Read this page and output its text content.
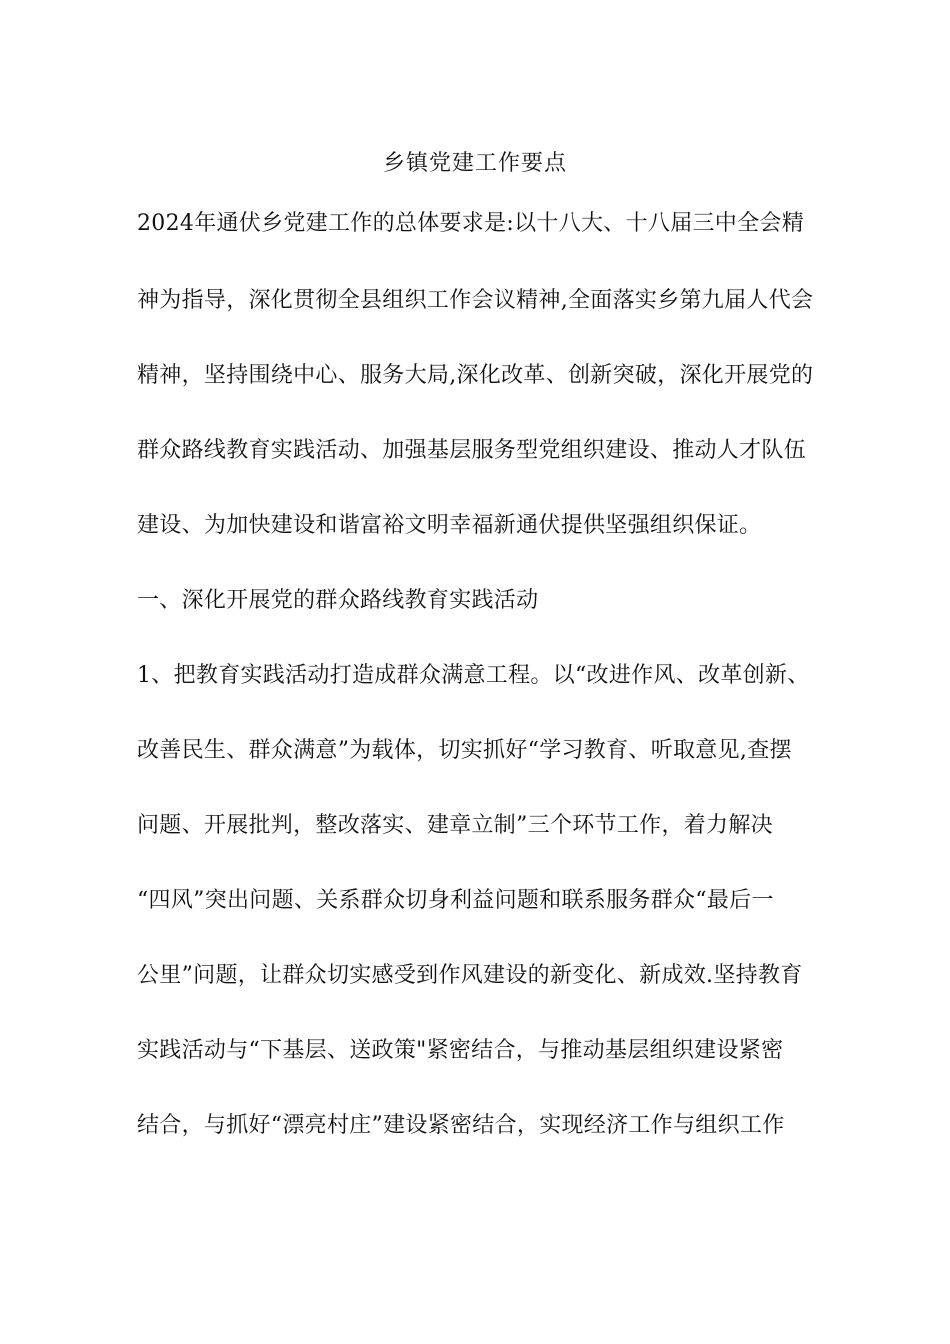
乡镇党建工作要点
2024年通伏乡党建工作的总体要求是:以十八大、十八届三中全会精
神为指导，深化贯彻全县组织工作会议精神,全面落实乡第九届人代会
精神，坚持围绕中心、服务大局,深化改革、创新突破，深化开展党的
群众路线教育实践活动、加强基层服务型党组织建设、推动人才队伍
建设、为加快建设和谐富裕文明幸福新通伏提供坚强组织保证。
一、深化开展党的群众路线教育实践活动
1、把教育实践活动打造成群众满意工程。以“改进作风、改革创新、
改善民生、群众满意”为载体，切实抓好“学习教育、听取意见,查摆
问题、开展批判，整改落实、建章立制”三个环节工作，着力解决
“四风”突出问题、关系群众切身利益问题和联系服务群众“最后一
公里”问题，让群众切实感受到作风建设的新变化、新成效.坚持教育
实践活动与“下基层、送政策"紧密结合，与推动基层组织建设紧密
结合，与抓好“漂亮村庄”建设紧密结合，实现经济工作与组织工作
